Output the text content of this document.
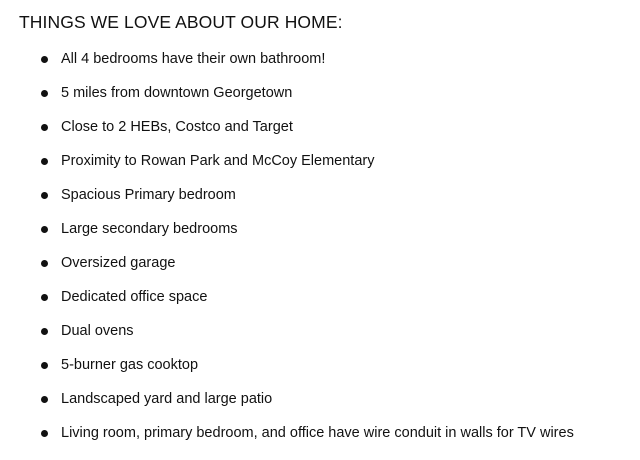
THINGS WE LOVE ABOUT OUR HOME:
All 4 bedrooms have their own bathroom!
5 miles from downtown Georgetown
Close to 2 HEBs, Costco and Target
Proximity to Rowan Park and McCoy Elementary
Spacious Primary bedroom
Large secondary bedrooms
Oversized garage
Dedicated office space
Dual ovens
5-burner gas cooktop
Landscaped yard and large patio
Living room, primary bedroom, and office have wire conduit in walls for TV wires
